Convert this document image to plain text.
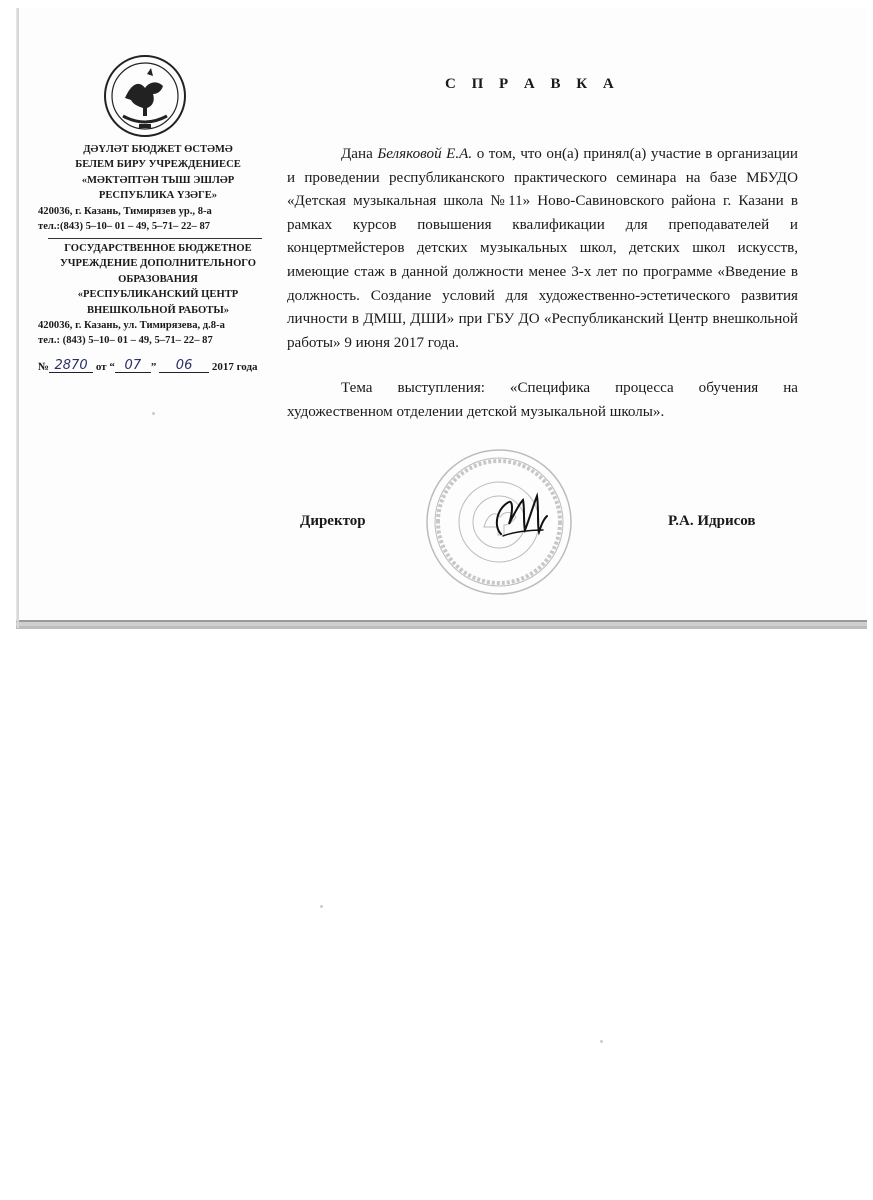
ДӘҮЛӘТ БЮДЖЕТ ӨСТӘМӘ
БЕЛЕМ БИРУ УЧРЕЖДЕНИЕСЕ
«МӘКТӘПТӘН ТЫШ ЭШЛӘР
РЕСПУБЛИКА ҮЗӘГЕ»
420036, г. Казань, Тимирязев ур., 8-а
тел.:(843) 5–10– 01 – 49, 5–71– 22– 87
ГОСУДАРСТВЕННОЕ БЮДЖЕТНОЕ
УЧРЕЖДЕНИЕ ДОПОЛНИТЕЛЬНОГО
ОБРАЗОВАНИЯ
«РЕСПУБЛИКАНСКИЙ ЦЕНТР
ВНЕШКОЛЬНОЙ РАБОТЫ»
420036, г. Казань, ул. Тимирязева, д.8-а
тел.: (843) 5–10– 01 – 49, 5–71– 22– 87
№ 2870 от “ 07 ” 06 2017 года
С П Р А В К А

Дана Беляковой Е.А. о том, что он(а) принял(а) участие в организации и проведении республиканского практического семинара на базе МБУДО «Детская музыкальная школа №11» Ново-Савиновского района г. Казани в рамках курсов повышения квалификации для преподавателей и концертмейстеров детских музыкальных школ, детских школ искусств, имеющие стаж в данной должности менее 3-х лет по программе «Введение в должность. Создание условий для художественно-эстетического развития личности в ДМШ, ДШИ» при ГБУ ДО «Республиканский Центр внешкольной работы» 9 июня 2017 года.

Тема выступления: «Специфика процесса обучения на художественном отделении детской музыкальной школы».

Директор	Р.А. Идрисов
